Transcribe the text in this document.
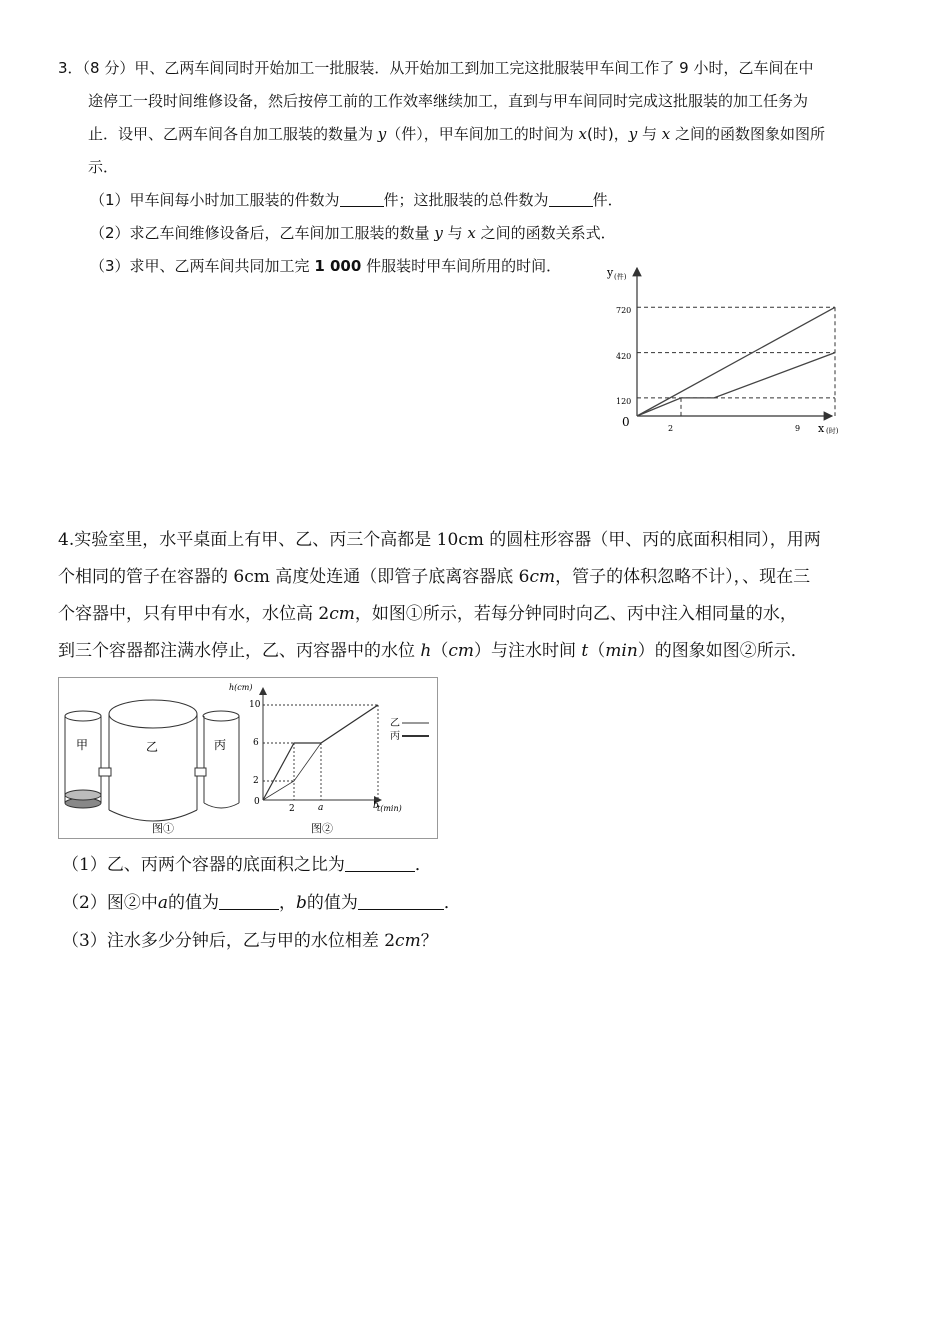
3．（8 分）甲、乙两车间同时开始加工一批服装．从开始加工到加工完这批服装甲车间工作了 9 小时，乙车间在中
途停工一段时间维修设备，然后按停工前的工作效率继续加工，直到与甲车间同时完成这批服装的加工任务为
止．设甲、乙两车间各自加工服装的数量为 y（件），甲车间加工的时间为 x(时)，y 与 x 之间的函数图象如图所
示．
（1）甲车间每小时加工服装的件数为	件；这批服装的总件数为	件．
（2）求乙车间维修设备后，乙车间加工服装的数量 y 与 x 之间的函数关系式．
（3）求甲、乙两车间共同加工完 1 000 件服装时甲车间所用的时间．	y (件)
x (时)
0
720
420
120
2	9
4.实验室里，水平桌面上有甲、乙、丙三个高都是 10cm 的圆柱形容器（甲、丙的底面积相同），用两
个相同的管子在容器的 6cm 高度处连通（即管子底离容器底 6cm，管子的体积忽略不计），、现在三
个容器中，只有甲中有水，水位高 2cm，如图①所示，若每分钟同时向乙、丙中注入相同量的水，
到三个容器都注满水停止，乙、丙容器中的水位 h（cm）与注水时间 t（min）的图象如图②所示．
甲	乙	丙
图①
h(cm)
t(min)
0
10
6
2
2	a	b
乙
丙
图②
（1）乙、丙两个容器的底面积之比为	．
（2）图②中a的值为	，b的值为	．
（3）注水多少分钟后，乙与甲的水位相差 2cm？
